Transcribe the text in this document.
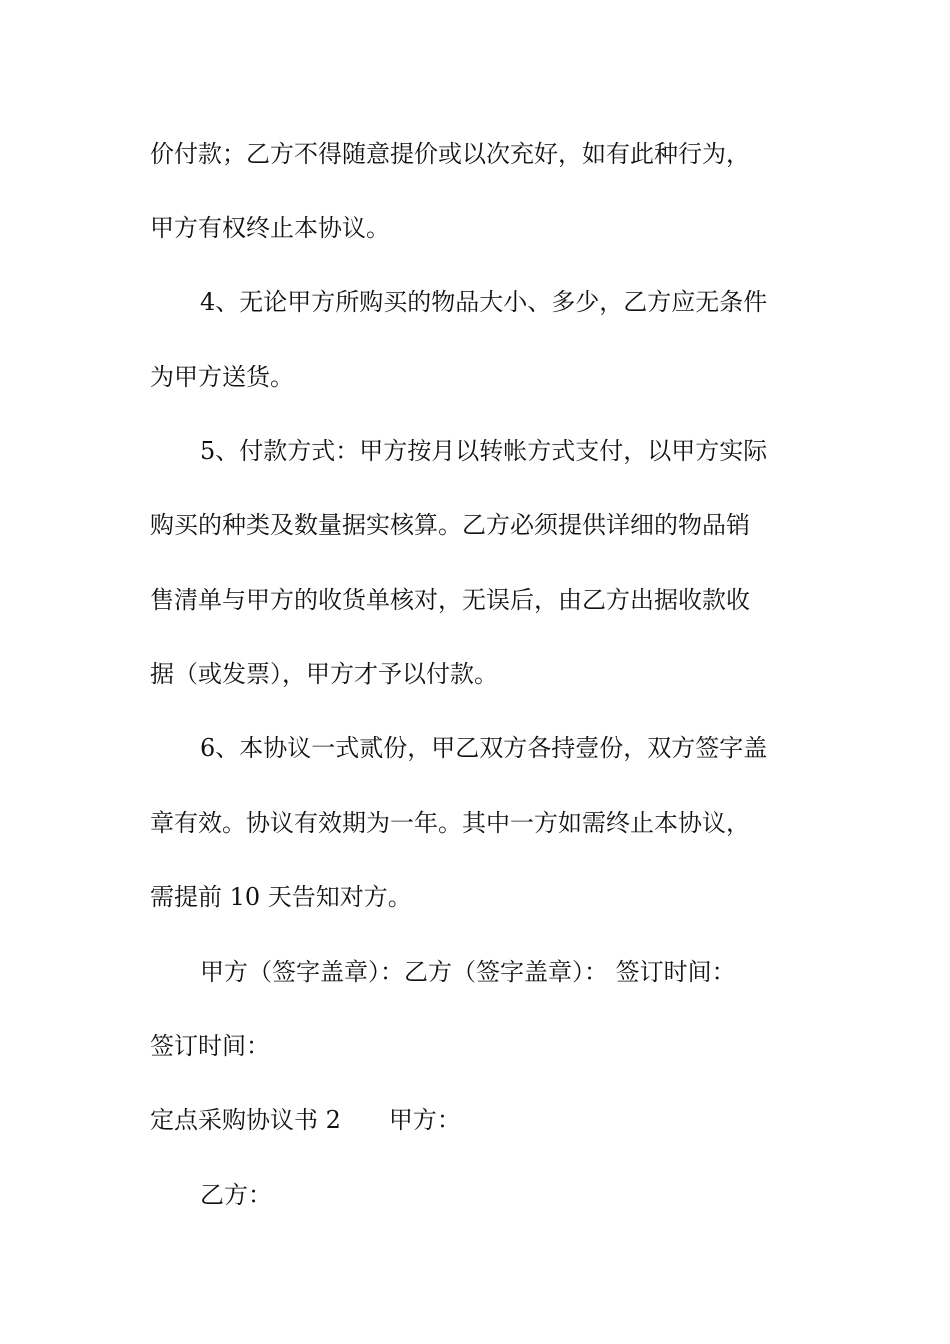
价付款；乙方不得随意提价或以次充好，如有此种行为，

甲方有权终止本协议。

4、无论甲方所购买的物品大小、多少，乙方应无条件

为甲方送货。

5、付款方式：甲方按月以转帐方式支付，以甲方实际

购买的种类及数量据实核算。乙方必须提供详细的物品销

售清单与甲方的收货单核对，无误后，由乙方出据收款收

据（或发票），甲方才予以付款。

6、本协议一式贰份，甲乙双方各持壹份，双方签字盖

章有效。协议有效期为一年。其中一方如需终止本协议，

需提前 10 天告知对方。

甲方（签字盖章）：乙方（签字盖章）： 签订时间：

签订时间：

定点采购协议书 2　　甲方：

乙方：
